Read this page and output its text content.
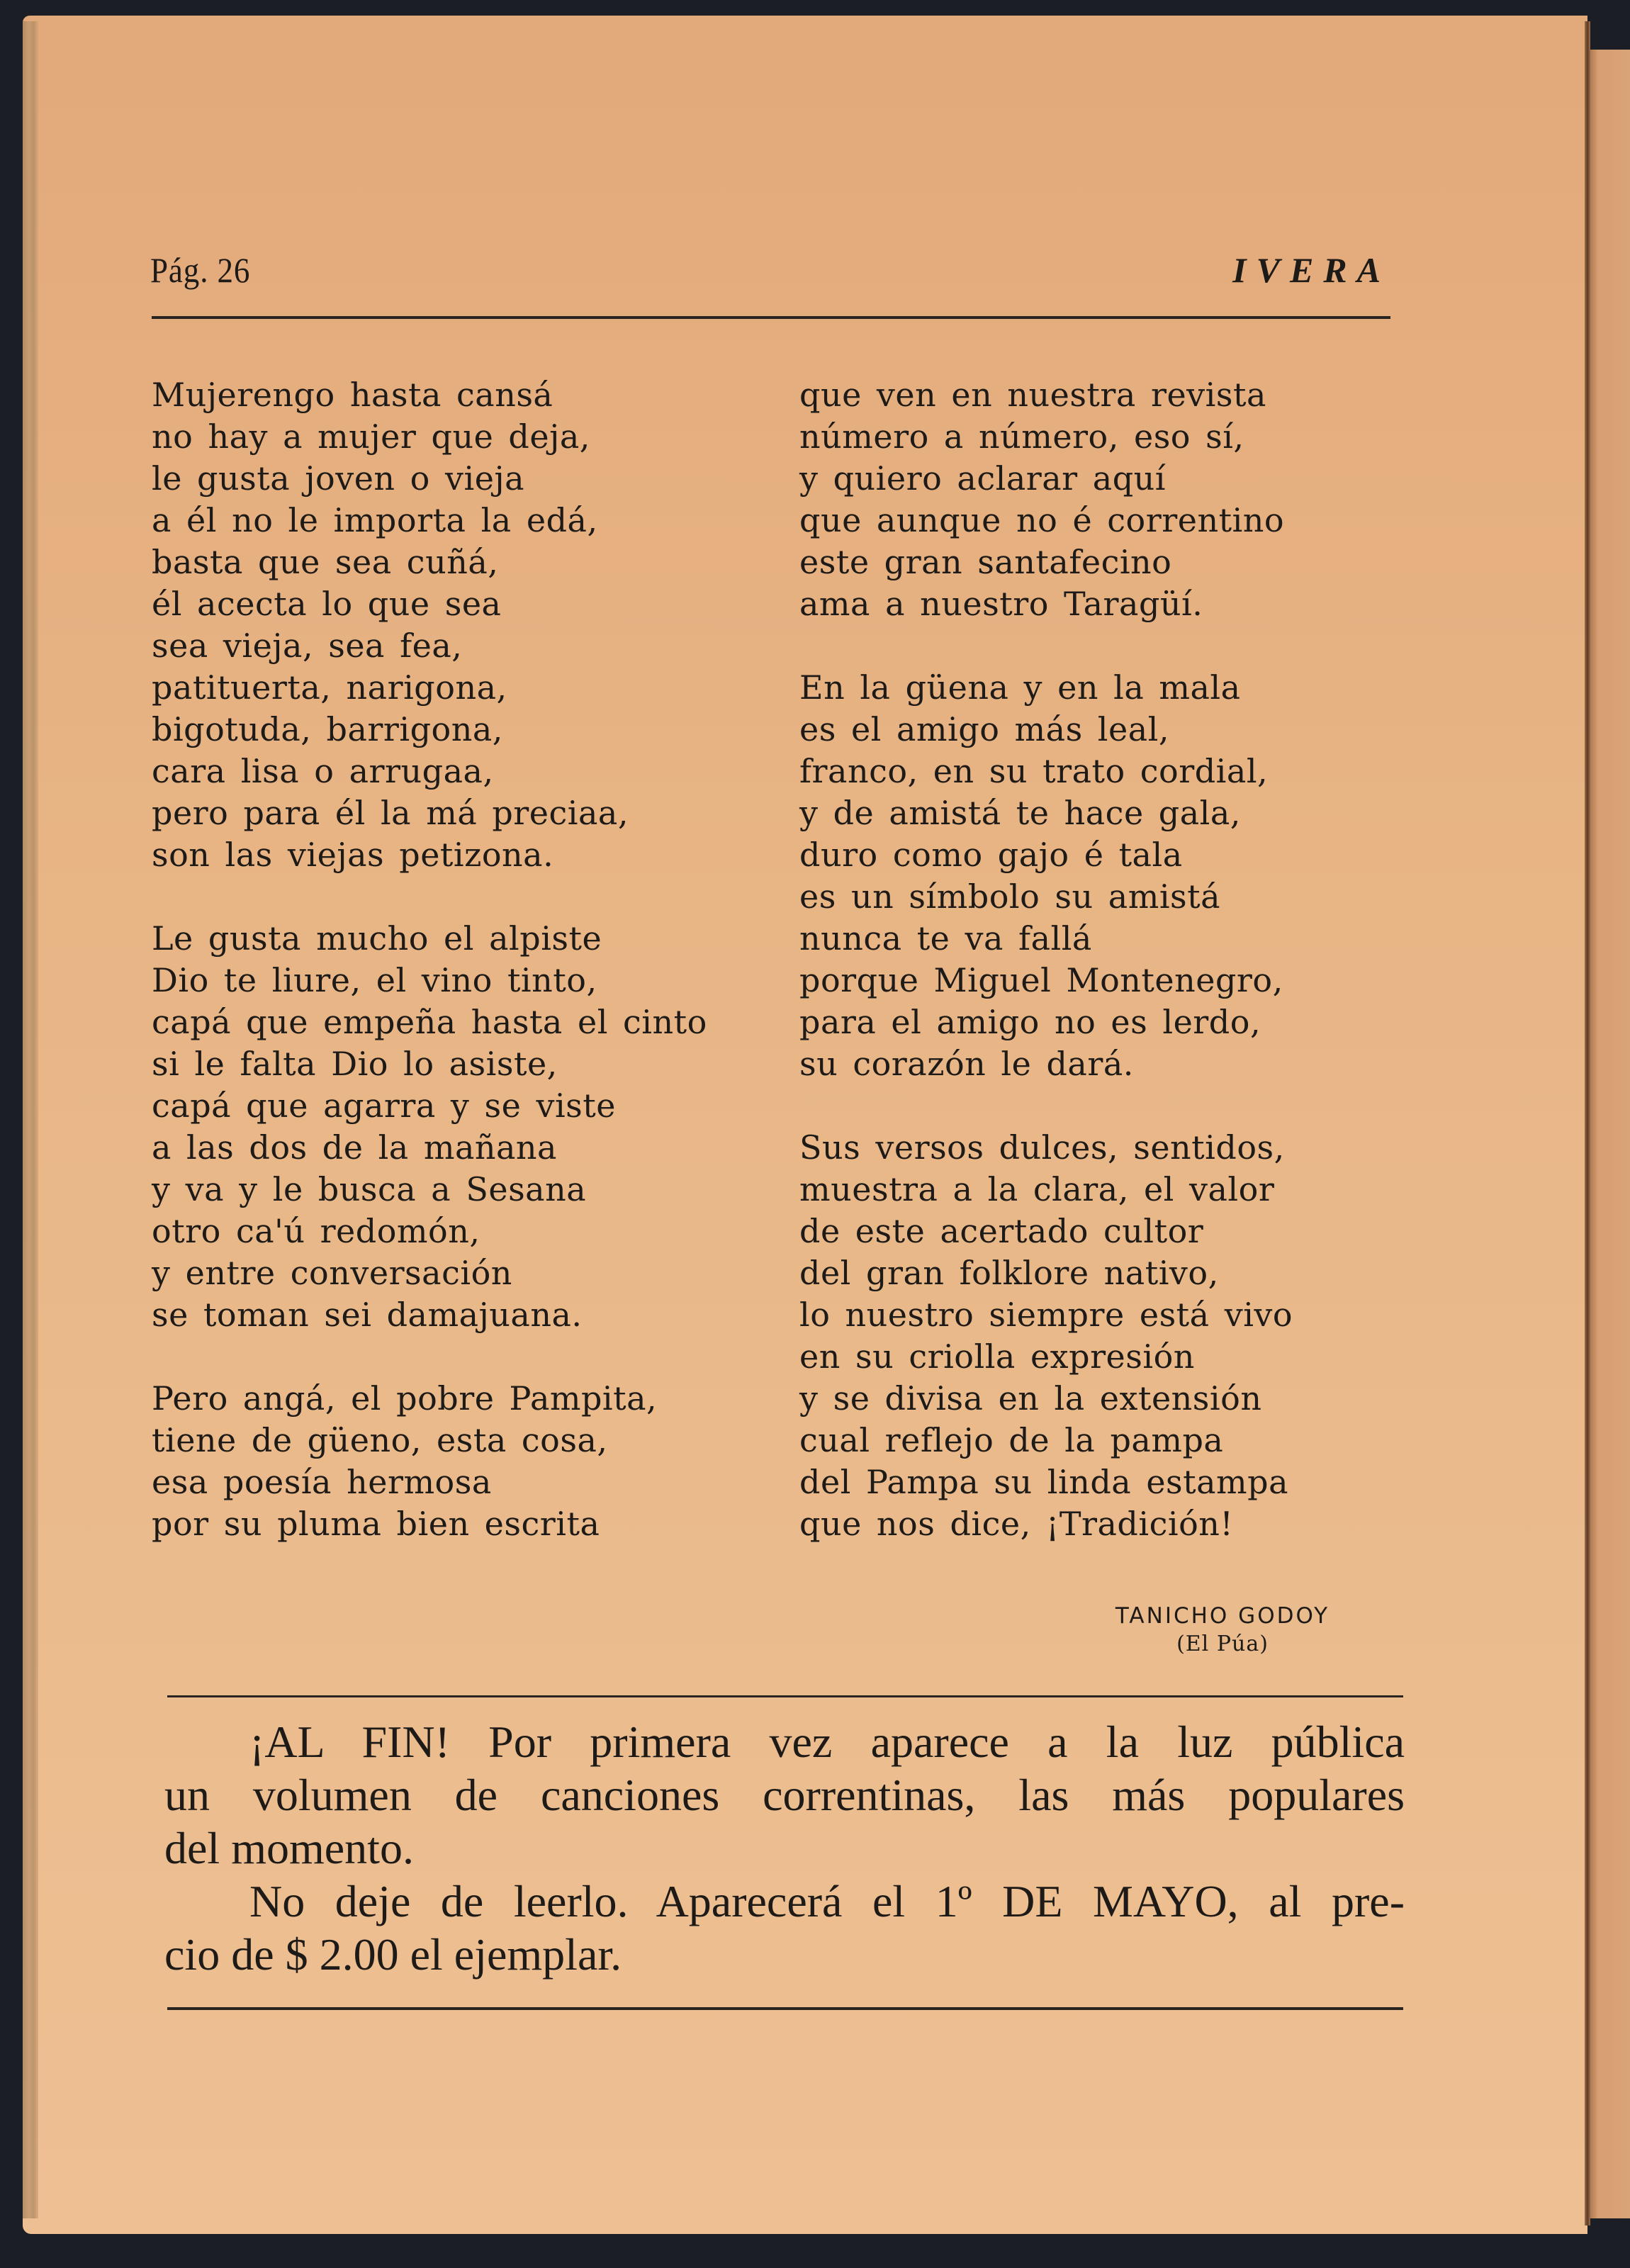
Pág. 26	IVERA
Mujerengo hasta cansá
no hay a mujer que deja,
le gusta joven o vieja
a él no le importa la edá,
basta que sea cuñá,
él acecta lo que sea
sea vieja, sea fea,
patituerta, narigona,
bigotuda, barrigona,
cara lisa o arrugaa,
pero para él la má preciaa,
son las viejas petizona.
Le gusta mucho el alpiste
Dio te liure, el vino tinto,
capá que empeña hasta el cinto
si le falta Dio lo asiste,
capá que agarra y se viste
a las dos de la mañana
y va y le busca a Sesana
otro ca'ú redomón,
y entre conversación
se toman sei damajuana.
Pero angá, el pobre Pampita,
tiene de güeno, esta cosa,
esa poesía hermosa
por su pluma bien escrita
que ven en nuestra revista
número a número, eso sí,
y quiero aclarar aquí
que aunque no é correntino
este gran santafecino
ama a nuestro Taragüí.
En la güena y en la mala
es el amigo más leal,
franco, en su trato cordial,
y de amistá te hace gala,
duro como gajo é tala
es un símbolo su amistá
nunca te va fallá
porque Miguel Montenegro,
para el amigo no es lerdo,
su corazón le dará.
Sus versos dulces, sentidos,
muestra a la clara, el valor
de este acertado cultor
del gran folklore nativo,
lo nuestro siempre está vivo
en su criolla expresión
y se divisa en la extensión
cual reflejo de la pampa
del Pampa su linda estampa
que nos dice, ¡Tradición!
TANICHO GODOY
(El Púa)

¡AL FIN! Por primera vez aparece a la luz pública
un volumen de canciones correntinas, las más populares
del momento.

No deje de leerlo. Aparecerá el 1º DE MAYO, al pre-
cio de $ 2.00 el ejemplar.
